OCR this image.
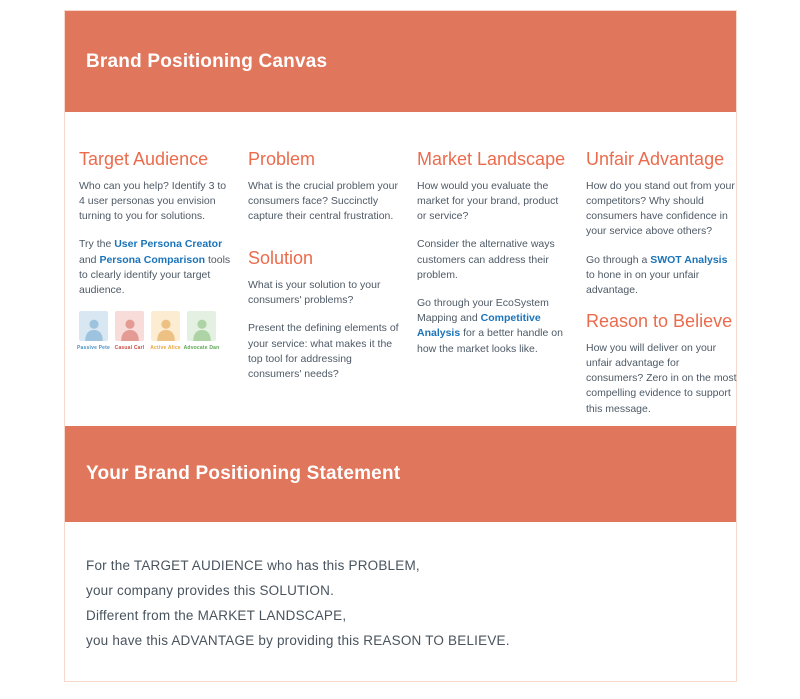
Brand Positioning Canvas
Target Audience

Who can you help? Identify 3 to 4 user personas you envision turning to you for solutions.

Try the User Persona Creator and Persona Comparison tools to clearly identify your target audience.

Passive Pete Casual Carl Active Alice Advocate Dan
Problem

What is the crucial problem your consumers face? Succinctly capture their central frustration.

Solution

What is your solution to your consumers' problems?

Present the defining elements of your service: what makes it the top tool for addressing consumers' needs?

Market Landscape

How would you evaluate the market for your brand, product or service?

Consider the alternative ways customers can address their problem.

Go through your EcoSystem Mapping and Competitive Analysis for a better handle on how the market looks like.

Unfair Advantage

How do you stand out from your competitors? Why should consumers have confidence in your service above others?

Go through a SWOT Analysis to hone in on your unfair advantage.

Reason to Believe

How you will deliver on your unfair advantage for consumers? Zero in on the most compelling evidence to support this message.

Your Brand Positioning Statement
For the TARGET AUDIENCE who has this PROBLEM,
your company provides this SOLUTION.
Different from the MARKET LANDSCAPE,
you have this ADVANTAGE by providing this REASON TO BELIEVE.
